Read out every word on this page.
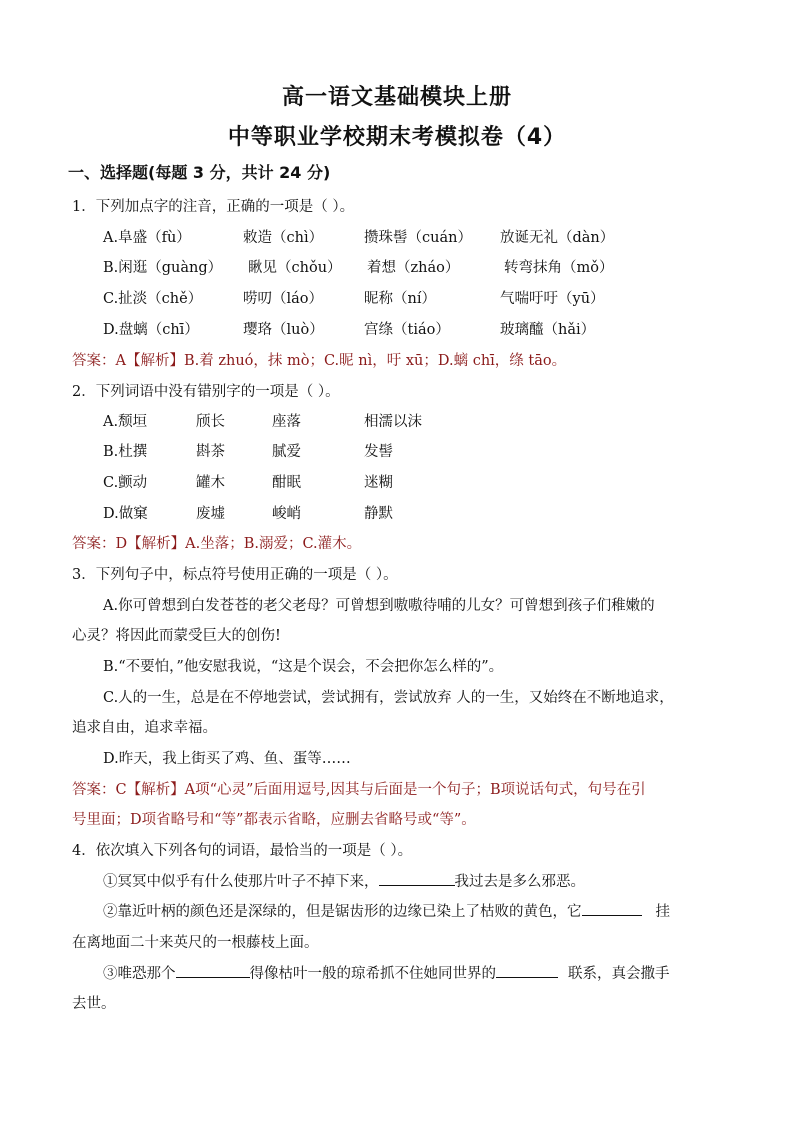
高一语文基础模块上册
中等职业学校期末考模拟卷（4）
一、选择题(每题 3 分，共计 24 分)
1．下列加点字的注音，正确的一项是（ ）。
A.阜盛（fù）	敕造（chì）	攒珠髻（cuán） 放诞无礼（dàn）
B.闲逛（guàng） 瞅见（chǒu） 着想（zháo）	转弯抹角（mǒ）
C.扯淡（chě）	唠叨（láo）	昵称（ní）	气喘吁吁（yū）
D.盘螭（chī）	璎珞（luò）	宫绦（tiáo）	玻璃醯（hǎi）
答案：A【解析】B.着 zhuó，抹 mò；C.昵 nì，吁 xū；D.螭 chī，绦 tāo。
2．下列词语中没有错别字的一项是（ ）。
A.颓垣	颀长	座落	相濡以沫
B.杜撰	斟茶	腻爱	发髻
C.颤动	罐木	酣眠	迷糊
D.做窠	废墟	峻峭	静默
答案：D【解析】A.坐落；B.溺爱；C.灌木。
3．下列句子中，标点符号使用正确的一项是（ ）。
A.你可曾想到白发苍苍的老父老母？可曾想到嗷嗷待哺的儿女？可曾想到孩子们稚嫩的
心灵？将因此而蒙受巨大的创伤!
B.“不要怕，”他安慰我说，“这是个误会，不会把你怎么样的”。
C.人的一生，总是在不停地尝试，尝试拥有，尝试放弃 人的一生，又始终在不断地追求，
追求自由，追求幸福。
D.昨天，我上街买了鸡、鱼、蛋等……
答案：C【解析】A项“心灵”后面用逗号,因其与后面是一个句子；B项说话句式，句号在引
号里面；D项省略号和“等”都表示省略，应删去省略号或“等”。
4．依次填入下列各句的词语，最恰当的一项是（ ）。
①冥冥中似乎有什么使那片叶子不掉下来，	我过去是多么邪恶。
②靠近叶柄的颜色还是深绿的，但是锯齿形的边缘已染上了枯败的黄色，它	挂
在离地面二十来英尺的一根藤枝上面。
③唯恐那个	得像枯叶一般的琼希抓不住她同世界的	联系，真会撒手
去世。
